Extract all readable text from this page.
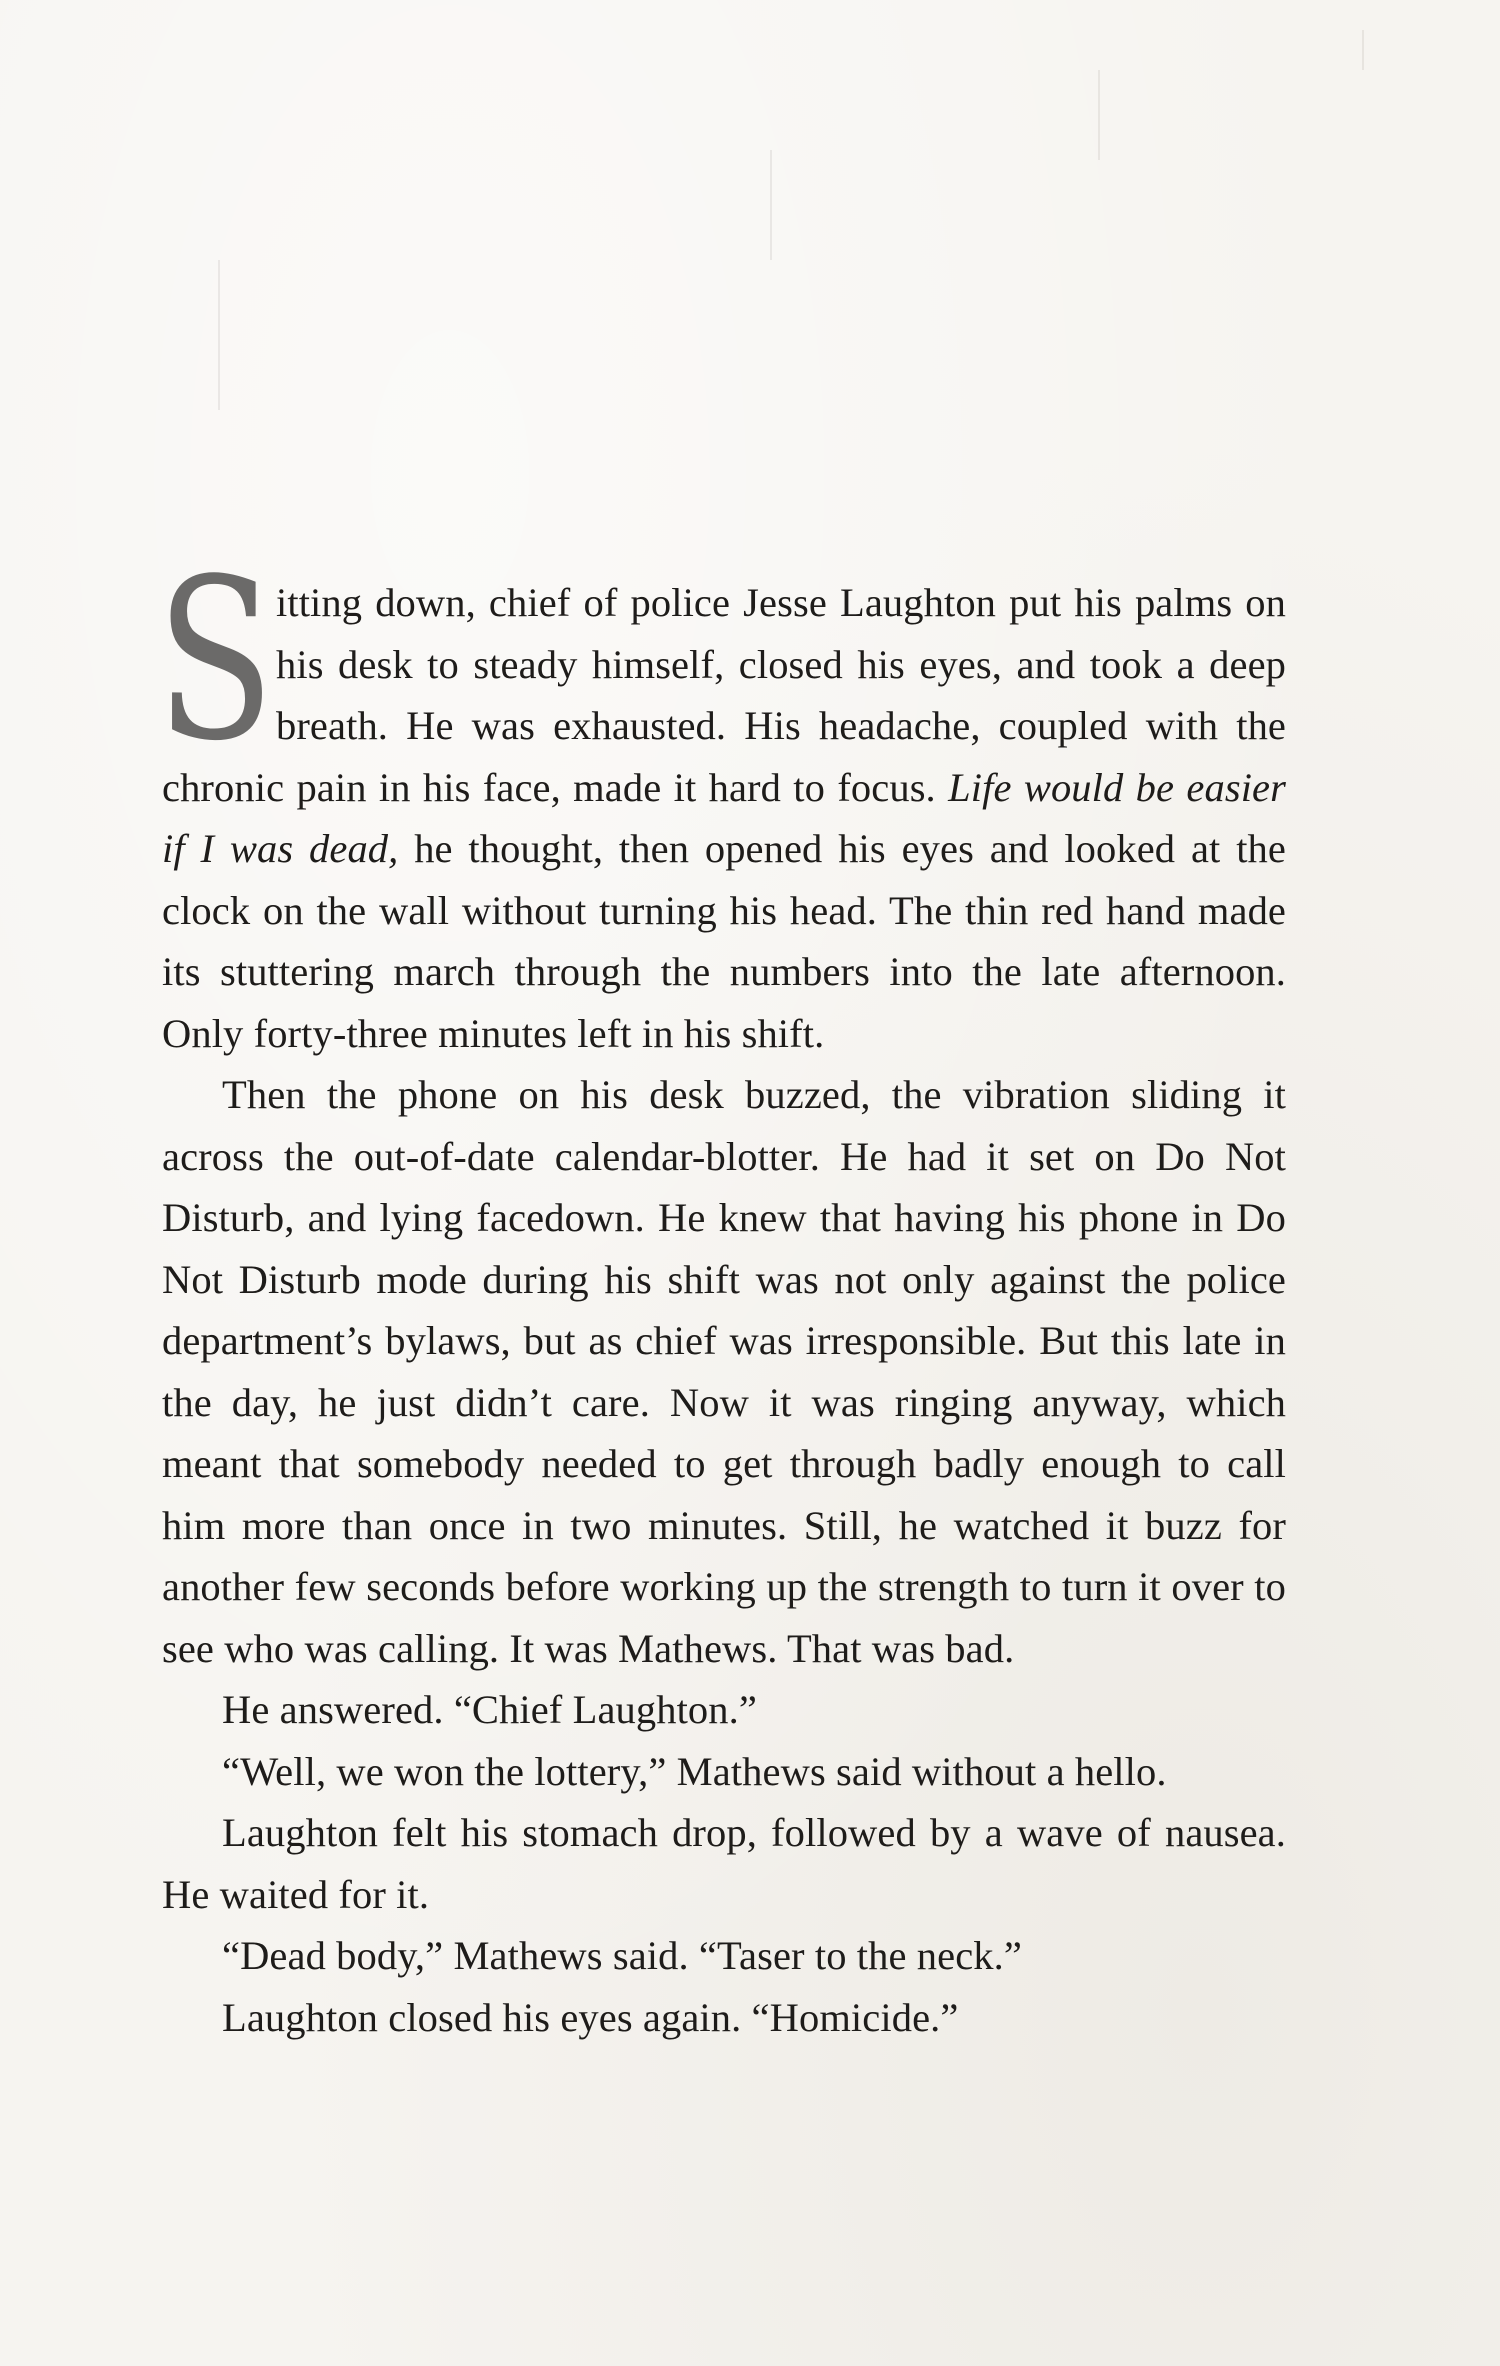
S itting down, chief of police Jesse Laughton put his palms on his desk to steady himself, closed his eyes, and took a deep breath. He was exhausted. His headache, coupled with the chronic pain in his face, made it hard to focus. Life would be easier if I was dead, he thought, then opened his eyes and looked at the clock on the wall without turning his head. The thin red hand made its stuttering march through the numbers into the late afternoon. Only forty-three minutes left in his shift.

Then the phone on his desk buzzed, the vibration sliding it across the out-of-date calendar-blotter. He had it set on Do Not Disturb, and lying facedown. He knew that having his phone in Do Not Disturb mode during his shift was not only against the police department’s bylaws, but as chief was irresponsible. But this late in the day, he just didn’t care. Now it was ringing anyway, which meant that somebody needed to get through badly enough to call him more than once in two minutes. Still, he watched it buzz for another few seconds before working up the strength to turn it over to see who was calling. It was Mathews. That was bad.

He answered. “Chief Laughton.”

“Well, we won the lottery,” Mathews said without a hello.

Laughton felt his stomach drop, followed by a wave of nausea. He waited for it.

“Dead body,” Mathews said. “Taser to the neck.”

Laughton closed his eyes again. “Homicide.”
